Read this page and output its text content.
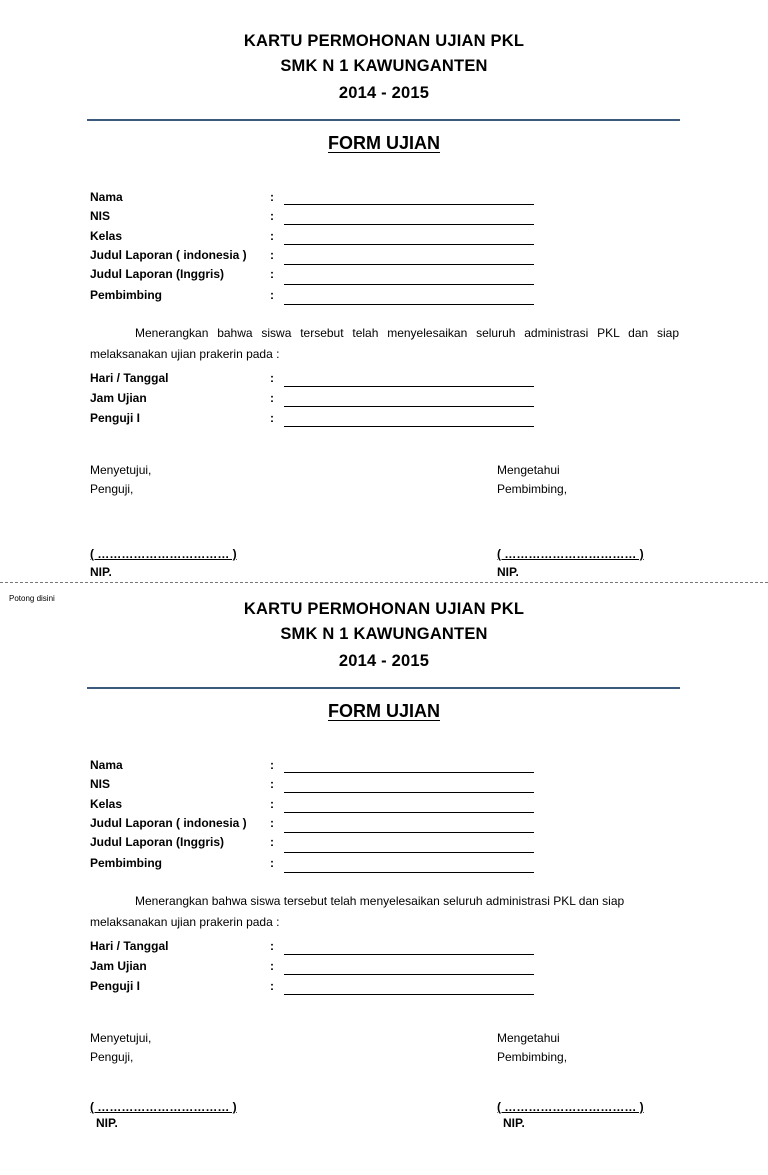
KARTU PERMOHONAN UJIAN PKL
SMK N 1 KAWUNGANTEN
2014 - 2015
FORM UJIAN
Nama	:
NIS	:
Kelas	:
Judul Laporan ( indonesia ) :
Judul Laporan (Inggris)	:
Pembimbing	:
Menerangkan bahwa siswa tersebut telah menyelesaikan seluruh administrasi PKL dan siap
melaksanakan ujian prakerin pada :
Hari / Tanggal	:
Jam Ujian	:
Penguji I	:
Menyetujui,
Penguji,
( …………………………… )
NIP.
Mengetahui
Pembimbing,
( …………………………… )
NIP.
Potong disini
KARTU PERMOHONAN UJIAN PKL
SMK N 1 KAWUNGANTEN
2014 - 2015
FORM UJIAN
Nama	:
NIS	:
Kelas	:
Judul Laporan ( indonesia ) :
Judul Laporan (Inggris)	:
Pembimbing	:
Menerangkan bahwa siswa tersebut telah menyelesaikan seluruh administrasi PKL dan siap
melaksanakan ujian prakerin pada :
Hari / Tanggal	:
Jam Ujian	:
Penguji I	:
Menyetujui,
Penguji,
( …………………………… )
NIP.
Mengetahui
Pembimbing,
( …………………………… )
NIP.
